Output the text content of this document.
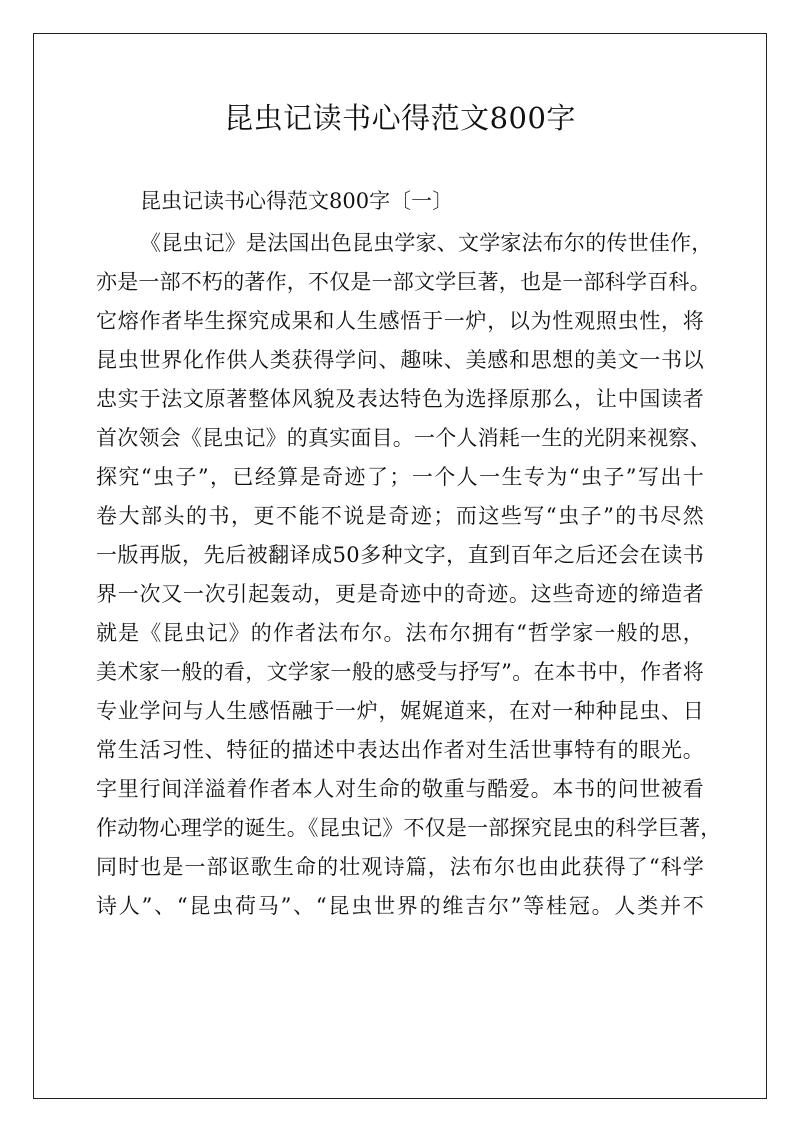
昆虫记读书心得范文800字

昆虫记读书心得范文800字〔一〕

《昆虫记》是法国出色昆虫学家、文学家法布尔的传世佳作，

亦是一部不朽的著作，不仅是一部文学巨著，也是一部科学百科。

它熔作者毕生探究成果和人生感悟于一炉，以为性观照虫性，将

昆虫世界化作供人类获得学问、趣味、美感和思想的美文一书以

忠实于法文原著整体风貌及表达特色为选择原那么，让中国读者

首次领会《昆虫记》的真实面目。一个人消耗一生的光阴来视察、

探究“虫子”，已经算是奇迹了；一个人一生专为“虫子”写出十

卷大部头的书，更不能不说是奇迹；而这些写“虫子”的书尽然

一版再版，先后被翻译成50多种文字，直到百年之后还会在读书

界一次又一次引起轰动，更是奇迹中的奇迹。这些奇迹的缔造者

就是《昆虫记》的作者法布尔。法布尔拥有“哲学家一般的思，

美术家一般的看，文学家一般的感受与抒写”。在本书中，作者将

专业学问与人生感悟融于一炉，娓娓道来，在对一种种昆虫、日

常生活习性、特征的描述中表达出作者对生活世事特有的眼光。

字里行间洋溢着作者本人对生命的敬重与酷爱。本书的问世被看

作动物心理学的诞生。《昆虫记》不仅是一部探究昆虫的科学巨著，

同时也是一部讴歌生命的壮观诗篇，法布尔也由此获得了“科学

诗人”、“昆虫荷马”、“昆虫世界的维吉尔”等桂冠。人类并不
